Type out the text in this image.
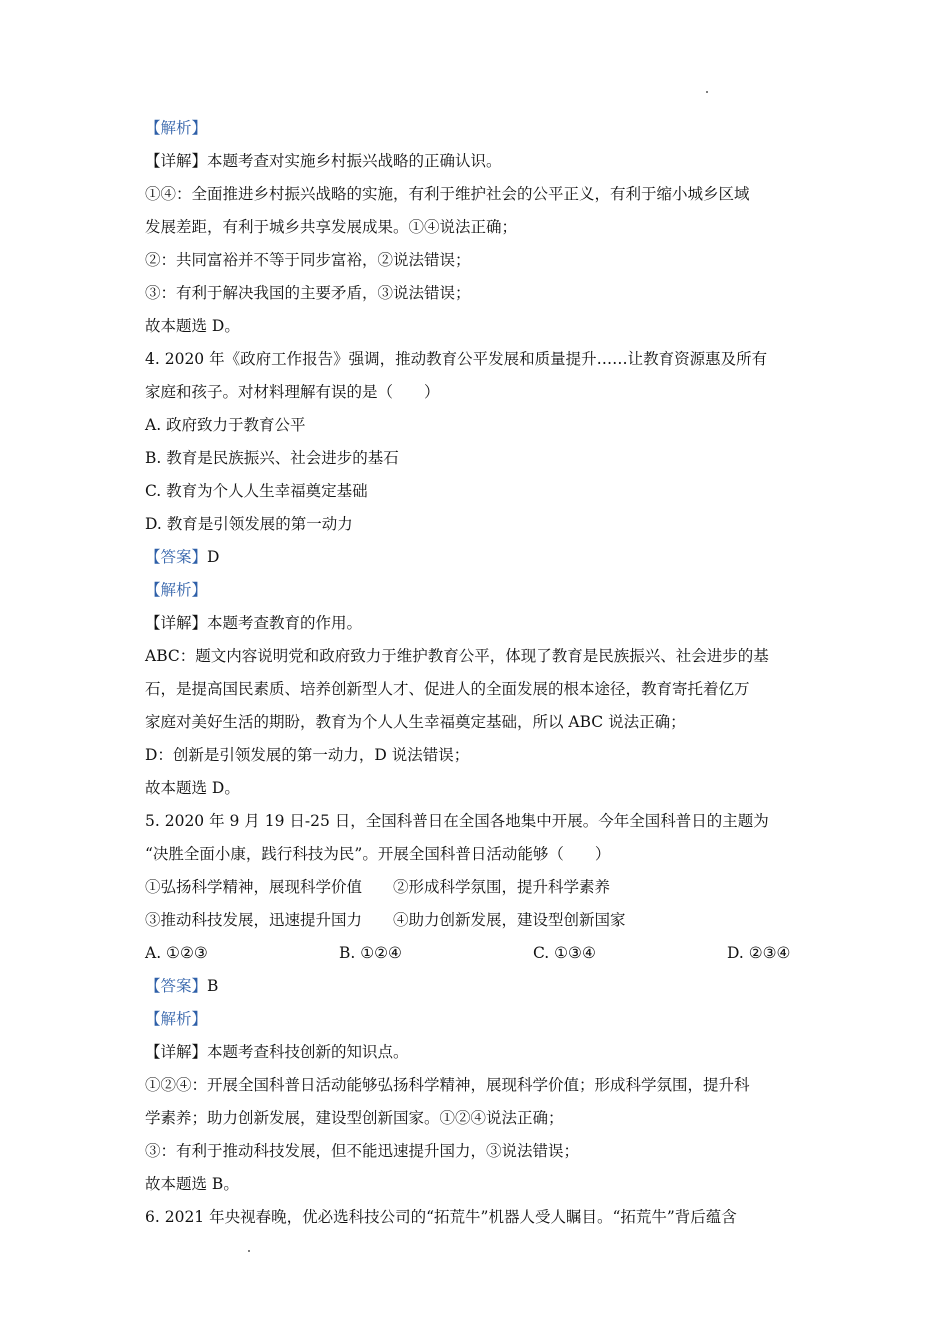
【解析】
【详解】本题考查对实施乡村振兴战略的正确认识。
①④：全面推进乡村振兴战略的实施，有利于维护社会的公平正义，有利于缩小城乡区域
发展差距，有利于城乡共享发展成果。①④说法正确；
②：共同富裕并不等于同步富裕，②说法错误；
③：有利于解决我国的主要矛盾，③说法错误；
故本题选 D。
4. 2020 年《政府工作报告》强调，推动教育公平发展和质量提升……让教育资源惠及所有
家庭和孩子。对材料理解有误的是（　　）
A. 政府致力于教育公平
B. 教育是民族振兴、社会进步的基石
C. 教育为个人人生幸福奠定基础
D. 教育是引领发展的第一动力
【答案】D
【解析】
【详解】本题考查教育的作用。
ABC：题文内容说明党和政府致力于维护教育公平，体现了教育是民族振兴、社会进步的基
石，是提高国民素质、培养创新型人才、促进人的全面发展的根本途径，教育寄托着亿万
家庭对美好生活的期盼，教育为个人人生幸福奠定基础，所以 ABC 说法正确；
D：创新是引领发展的第一动力，D 说法错误；
故本题选 D。
5. 2020 年 9 月 19 日-25 日，全国科普日在全国各地集中开展。今年全国科普日的主题为
“决胜全面小康，践行科技为民”。开展全国科普日活动能够（　　）
①弘扬科学精神，展现科学价值　　②形成科学氛围，提升科学素养
③推动科技发展，迅速提升国力　　④助力创新发展，建设型创新国家
A. ①②③	B. ①②④	C. ①③④	D. ②③④
【答案】B
【解析】
【详解】本题考查科技创新的知识点。
①②④：开展全国科普日活动能够弘扬科学精神，展现科学价值；形成科学氛围，提升科
学素养；助力创新发展，建设型创新国家。①②④说法正确；
③：有利于推动科技发展，但不能迅速提升国力，③说法错误；
故本题选 B。
6. 2021 年央视春晚，优必选科技公司的“拓荒牛”机器人受人瞩目。“拓荒牛”背后蕴含
